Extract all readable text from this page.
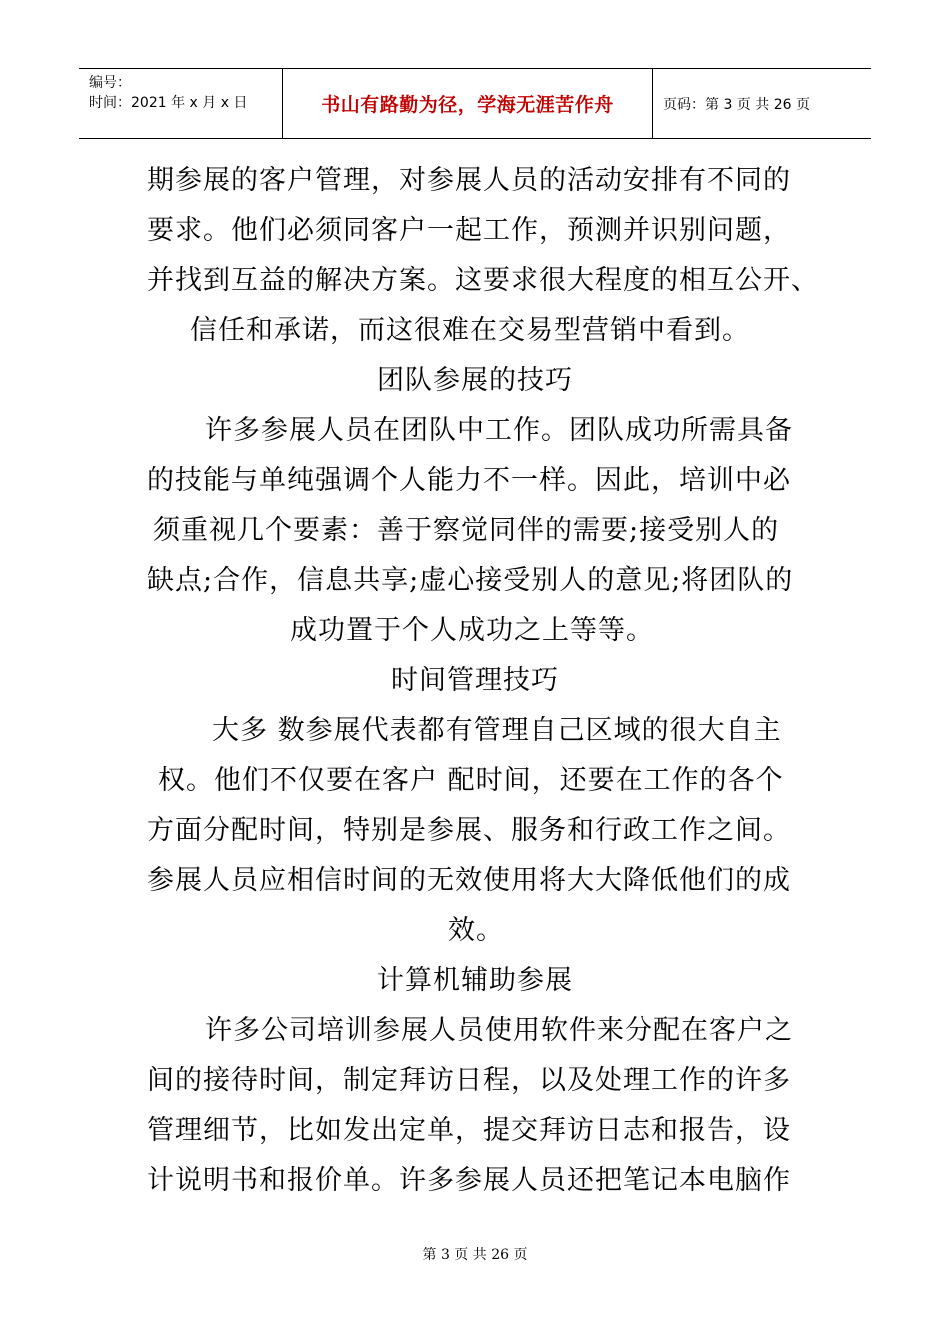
编号：
时间：2021 年 x 月 x 日	书山有路勤为径，学海无涯苦作舟	页码：第 3 页 共 26 页
期参展的客户管理，对参展人员的活动安排有不同的
要求。他们必须同客户一起工作，预测并识别问题，
并找到互益的解决方案。这要求很大程度的相互公开、
信任和承诺，而这很难在交易型营销中看到。
团队参展的技巧
许多参展人员在团队中工作。团队成功所需具备
的技能与单纯强调个人能力不一样。因此，培训中必
须重视几个要素：善于察觉同伴的需要;接受别人的
缺点;合作，信息共享;虚心接受别人的意见;将团队的
成功置于个人成功之上等等。
时间管理技巧
大多 数参展代表都有管理自己区域的很大自主
权。他们不仅要在客户 配时间，还要在工作的各个
方面分配时间，特别是参展、服务和行政工作之间。
参展人员应相信时间的无效使用将大大降低他们的成
效。
计算机辅助参展
许多公司培训参展人员使用软件来分配在客户之
间的接待时间，制定拜访日程，以及处理工作的许多
管理细节，比如发出定单，提交拜访日志和报告，设
计说明书和报价单。许多参展人员还把笔记本电脑作
第 3 页 共 26 页
